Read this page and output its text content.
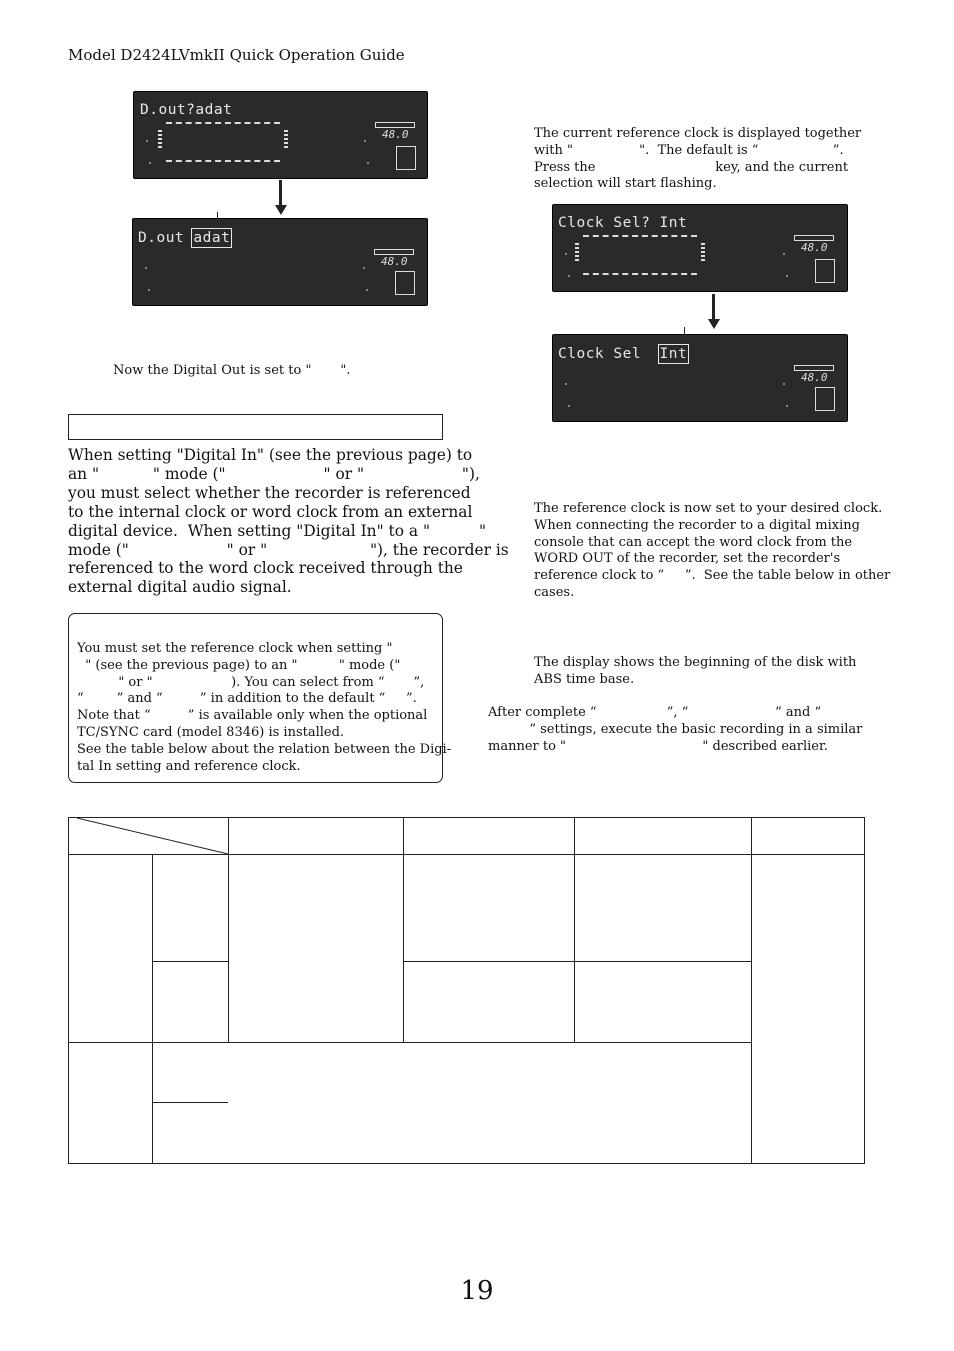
Model D2424LVmkII Quick Operation Guide
D.out?adat
48.0
D.out adat
48.0
Now the Digital Out is set to "       ".
When setting "Digital In" (see the previous page) to
an "           " mode ("                    " or "                    "),
you must select whether the recorder is referenced
to the internal clock or word clock from an external
digital device.  When setting "Digital In" to a "          "
mode ("                    " or "                     "), the recorder is
referenced to the word clock received through the
external digital audio signal.
You must set the reference clock when setting "
" (see the previous page) to an "          " mode ("
" or "                   ). You can select from “       ”,
“        ” and “         ” in addition to the default “     ”.
Note that “         ” is available only when the optional
TC/SYNC card (model 8346) is installed.
See the table below about the relation between the Digi-
tal In setting and reference clock.
The current reference clock is displayed together
with "                ".  The default is “                  ”.
Press the                             key, and the current
selection will start flashing.
Clock Sel? Int
48.0
Clock Sel  Int
48.0
The reference clock is now set to your desired clock.
When connecting the recorder to a digital mixing
console that can accept the word clock from the
WORD OUT of the recorder, set the recorder's
reference clock to “     ”.  See the table below in other
cases.
The display shows the beginning of the disk with
ABS time base.
After complete “                 ”, “                     ” and “
” settings, execute the basic recording in a similar
manner to "                                 " described earlier.
19
